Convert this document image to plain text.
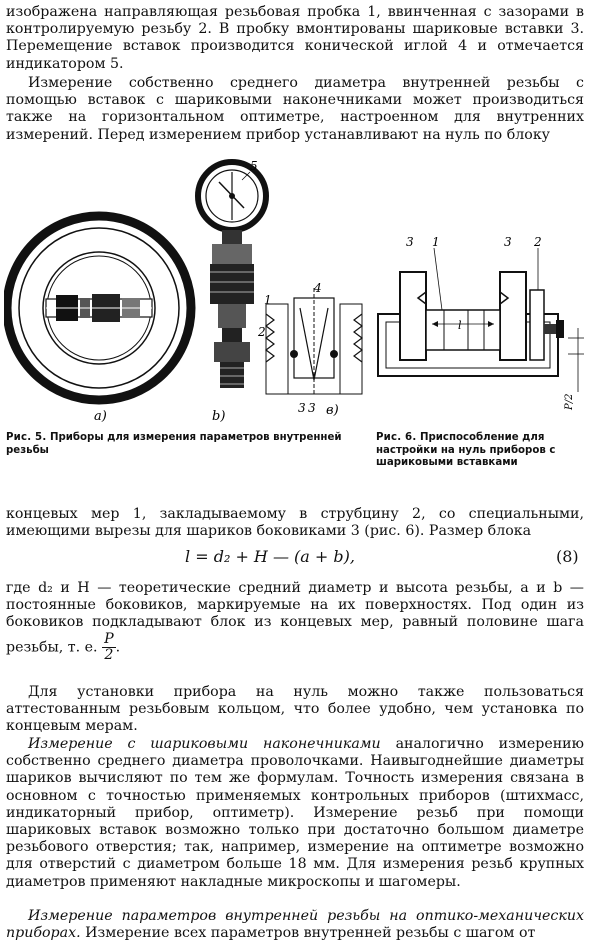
изображена направляющая резьбовая пробка 1, ввинченная с зазорами в контролируемую резьбу 2. В пробку вмонтированы шариковые вставки 3. Перемещение вставок производится конической иглой 4 и отмечается индикатором 5.

Измерение собственно среднего диаметра внутренней резьбы с помощью вставок с шариковыми наконечниками может производиться также на горизонтальном оптиметре, настроенном для внутренних измерений. Перед измерением прибор устанавливают на нуль по блоку

5
1
4
2
3 3
a)	b)	в)
3 1	3 2
l
P/2

Рис. 5. Приборы для измерения параметров внутренней резьбы

Рис. 6. Приспособление для настройки на нуль приборов с шариковыми вставками

концевых мер 1, закладываемому в струбцину 2, со специальными, имеющими вырезы для шариков боковиками 3 (рис. 6). Размер блока

l = d₂ + H — (a + b),	(8)

где d₂ и H — теоретические средний диаметр и высота резьбы, a и b — постоянные боковиков, маркируемые на их поверхностях. Под один из боковиков подкладывают блок из концевых мер, равный половине шага резьбы, т. е. $\frac{P}{2}$ .

Для установки прибора на нуль можно также пользоваться аттестованным резьбовым кольцом, что более удобно, чем установка по концевым мерам.

Измерение с шариковыми наконечниками аналогично измерению собственно среднего диаметра проволочками. Наивыгоднейшие диаметры шариков вычисляют по тем же формулам. Точность измерения связана в основном с точностью применяемых контрольных приборов (штихмасс, индикаторный прибор, оптиметр). Измерение резьб при помощи шариковых вставок возможно только при достаточно большом диаметре резьбового отверстия; так, например, измерение на оптиметре возможно для отверстий с диаметром больше 18 мм. Для измерения резьб крупных диаметров применяют накладные микроскопы и шагомеры.

Измерение параметров внутренней резьбы на оптико-механических приборах. Измерение всех параметров внутренней резьбы с шагом от
